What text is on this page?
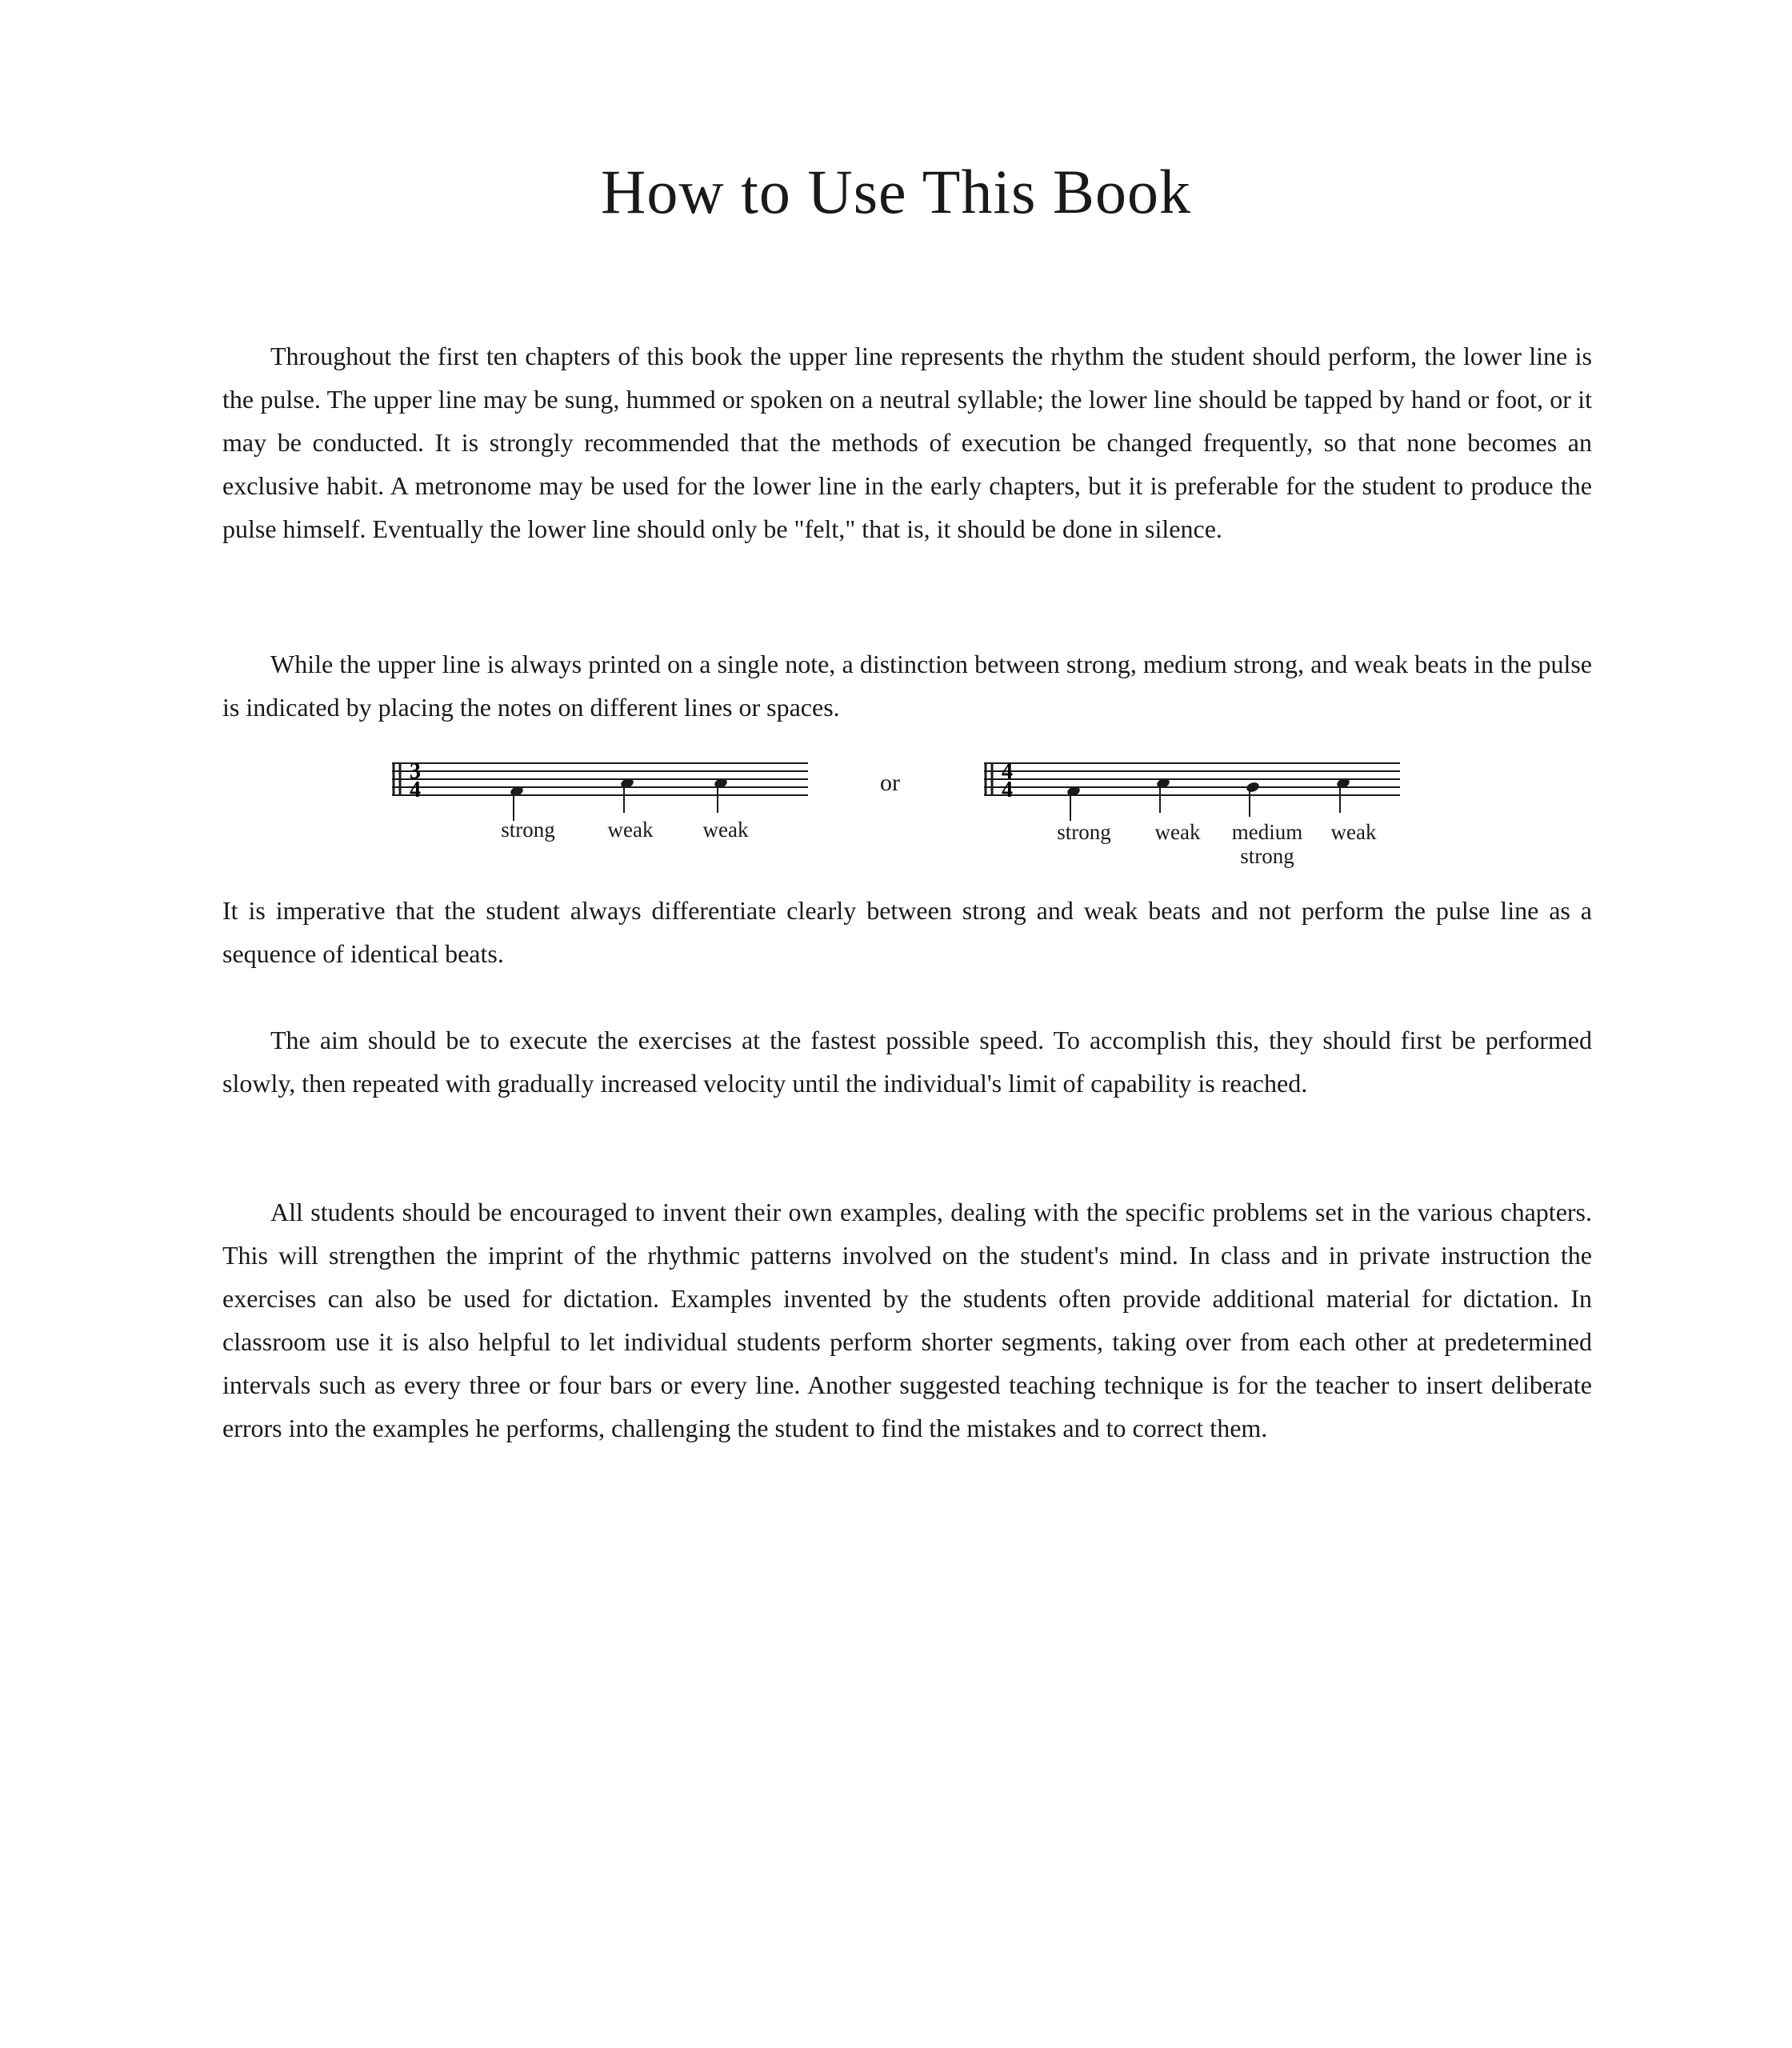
How to Use This Book

Throughout the first ten chapters of this book the upper line represents the rhythm the student should perform, the lower line is the pulse. The upper line may be sung, hummed or spoken on a neutral syllable; the lower line should be tapped by hand or foot, or it may be conducted. It is strongly recommended that the methods of execution be changed frequently, so that none becomes an exclusive habit. A metronome may be used for the lower line in the early chapters, but it is preferable for the student to produce the pulse himself. Eventually the lower line should only be "felt," that is, it should be done in silence.

While the upper line is always printed on a single note, a distinction between strong, medium strong, and weak beats in the pulse is indicated by placing the notes on different lines or spaces.

3
4
strong weak weak
or	4
4
strong weak medium
strong
weak

It is imperative that the student always differentiate clearly between strong and weak beats and not perform the pulse line as a sequence of identical beats.

The aim should be to execute the exercises at the fastest possible speed. To accomplish this, they should first be performed slowly, then repeated with gradually increased velocity until the individual's limit of capability is reached.

All students should be encouraged to invent their own examples, dealing with the specific problems set in the various chapters. This will strengthen the imprint of the rhythmic patterns involved on the student's mind. In class and in private instruction the exercises can also be used for dictation. Examples invented by the students often provide additional material for dictation. In classroom use it is also helpful to let individual students perform shorter segments, taking over from each other at predetermined intervals such as every three or four bars or every line. Another suggested teaching technique is for the teacher to insert deliberate errors into the examples he performs, challenging the student to find the mistakes and to correct them.
